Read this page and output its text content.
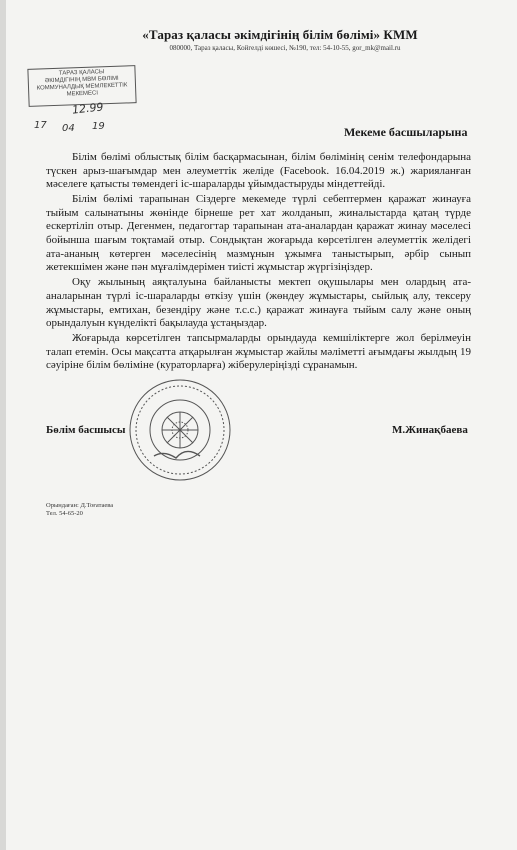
«Тараз қаласы әкімдігінің білім бөлімі» КММ
080000, Тараз қаласы, Койгелді көшесі, №190, тел: 54-10-55, gor_mk@mail.ru
ТАРАЗ ҚАЛАСЫ
ӘКІМДІГІНІҢ МВМ БӨЛІМІ
КОММУНАЛДЫҚ МЕМЛЕКЕТТІК
МЕКЕМЕСІ
12.99
17 04 19	Мекеме басшыларына

Білім бөлімі облыстық білім басқармасынан, білім бөлімінің сенім телефондарына түскен арыз-шағымдар мен әлеуметтік желіде (Facebook. 16.04.2019 ж.) жарияланған мәселеге қатысты төмендегі іс-шараларды ұйымдастыруды міндеттейді.

Білім бөлімі тарапынан Сіздерге мекемеде түрлі себептермен қаражат жинауға тыйым салынатыны жөнінде бірнеше рет хат жолданып, жиналыстарда қатаң түрде ескертіліп отыр. Дегенмен, педагогтар тарапынан ата-аналардан қаражат жинау мәселесі бойынша шағым тоқтамай отыр. Сондықтан жоғарыда көрсетілген әлеуметтік желідегі ата-ананың көтерген мәселесінің мазмұнын ұжымға таныстырып, әрбір сынып жетекшімен және пән мұғалімдерімен тиісті жұмыстар жүргізіңіздер.

Оқу жылының аяқталуына байланысты мектеп оқушылары мен олардың ата-аналарынан түрлі іс-шараларды өткізу үшін (жөндеу жұмыстары, сыйлық алу, тексеру жұмыстары, емтихан, безендіру және т.с.с.) қаражат жинауға тыйым салу және оның орындалуын күнделікті бақылауда ұстаңыздар.

Жоғарыда көрсетілген тапсырмаларды орындауда кемшіліктерге жол берілмеуін талап етемін. Осы мақсатта атқарылған жұмыстар жайлы мәліметті ағымдағы жылдың 19 сәуіріне білім бөліміне (кураторларға) жіберулеріңізді сұранамын.

Бөлім басшысы	М.Жинақбаева
Орындаған: Д.Тоғатаева
Тел. 54-65-20
